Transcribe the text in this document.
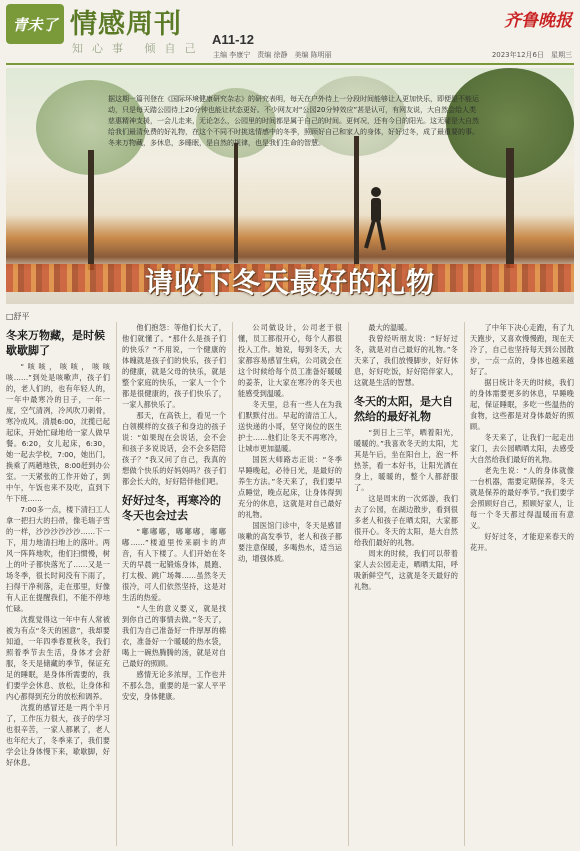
青未了 情感周刊
知心事 倾自己
A11-12
主编 李康宁　责编 徐静　美编 陈明丽
齐鲁晚报
2023年12月6日　星期三
据这期一篇刊登在《国际环境健康研究杂志》的研究表明，每天在户外待上一分段时间能够让人更加快乐，即便是不能运动，只是每天踏公园待上20分钟也能让状态更好。不少网友对“公园20分钟效应”甚是认可，有网友说，大自然会给人类慈惠精神支援，一会儿走来，无论怎么，公园里的时间都是属于自己的时间。更何况，还有今日的阳光。这无疑是大自然给我们最清免费的好礼物，在这个不同不时挑选情感中的冬季，照顾好自己和家人的身体，好好过冬，成了最重要的事。冬来万物藏，多休息，多睡眠，是自然的规律，也是我们生命的智慧。
请收下冬天最好的礼物
□舒平
冬来万物藏，是时候歇歇脚了
“咳咳，咳咳，咳咳咳……”到处是咳嗽声，孩子们的，老人们的，也有年轻人的，一年中最寒冷的日子，一年一度，空气清冽，冷风吹刀刺骨，寒冷成风。清晨6:00，沈揽已起起床，开始忙碌地给一家人做早餐。6:20，女儿起床，6:30，她一起去学校，7:00，她出门，换乘了两趟地铁，8:00赶到办公室。一天紧张的工作开始了，到中午，午饭也来不及吃，直到下午下班……
7:00多一点，楼下清扫工人拿一把扫大的扫帚，像毛瑞子雪的一样，沙沙沙沙沙沙……下一下，用力地清扫地上的落叶。两风一阵阵地吹，他们扫惯慢，树上的叶子都快落光了……又是一场冬季，很长时间没有下雨了，扫得干净利落，走在那里，好像有人正在提醒我们，不能不停地忙碌。
沈揽觉得这一年中有人常被被为有点“冬天的困意”，我却要知道，一年四季春夏秋冬，我们照着季节去生活，身体才会舒服，冬天是储藏的季节，保证充足的睡眠，是身体所需要的，我们要学会休息、放松，让身体和内心都得到充分的放松和调养。
沈揽的感冒还是一两个半月了，工作压力很大，孩子的学习也很辛苦，一家人都累了，老人也年纪大了，冬季来了，我们要学会让身体慢下来，歇歇脚，好好休息。
他们抱怨：等他们长大了，他们就懂了。“那什么是孩子们的快乐？”不用说，一个健康的体魄就是孩子们的快乐，孩子们的健康，就是父母的快乐，就是整个家庭的快乐，一家人一个个都是很健康的，孩子们快乐了，一家人都快乐了。
那天，在高铁上，看见一个白领模样的女孩子和身边的孩子说：“如果现在会说话，会不会和孩子多说说话，会不会多陪陪孩子？”我又问了自己，我真的想做个快乐的好妈妈吗？孩子们都会长大的，好好陪伴他们吧。
好好过冬，再寒冷的冬天也会过去
“嘟嘟嘟，嘟嘟嘟，嘟嘟嘟……”楼道里传来刷卡的声音，有人下楼了。人们开始在冬天的早晨一起锻炼身体，晨跑、打太极、跳广场舞……虽然冬天很冷，可人们依然坚持，这是对生活的热爱。
“人生的意义要义，就是找到你自己的事情去做。”冬天了，我们为自己准备好一件厚厚的棉衣，准备好一个暖暖的热水袋，喝上一碗热腾腾的汤，就是对自己最好的照顾。
感情无论多浓厚，工作也并不那么急，重要的是一家人平平安安，身体健康。
公司做设计，公司老于很懂，员工都很开心，每个人都很投入工作。她说，每到冬天，大家都容易感冒生病，公司就会在这个时候给每个员工准备好暖暖的姜茶，让大家在寒冷的冬天也能感受到温暖。
冬天里，总有一些人在为我们默默付出。早起的清洁工人，送快递的小哥，坚守岗位的医生护士……他们让冬天不再寒冷，让城市更加温暖。
国医大师路志正说：“冬季早睡晚起，必待日光，是最好的养生方法。”冬天来了，我们要早点睡觉，晚点起床，让身体得到充分的休息，这就是对自己最好的礼物。
国医馆门诊中，冬天是感冒咳嗽的高发季节，老人和孩子都要注意保暖，多喝热水，适当运动，增强体质。
最大的温暖。
我曾经听朋友说：“好好过冬，就是对自己最好的礼物。”冬天来了，我们放慢脚步，好好休息，好好吃饭，好好陪伴家人，这就是生活的智慧。
冬天的太阳，是大自然给的最好礼物
“到日上三竿，晒着阳光，暖暖的。”我喜欢冬天的太阳，尤其是午后，坐在阳台上，泡一杯热茶，看一本好书，让阳光洒在身上，暖暖的，整个人都舒服了。
这是周末的一次郊游，我们去了公园，在湖边散步，看到很多老人和孩子在晒太阳，大家都很开心。冬天的太阳，是大自然给我们最好的礼物。
周末的时候，我们可以带着家人去公园走走，晒晒太阳，呼吸新鲜空气，这就是冬天最好的礼物。
了中年下决心走跑，有了九天跑步，又喜欢慢慢跑，现在天冷了，自己也坚持每天到公园散步，一点一点的，身体也越来越好了。
据日统计冬天的时候，我们的身体需要更多的休息，早睡晚起，保证睡眠，多吃一些温热的食物，这些都是对身体最好的照顾。
冬天来了，让我们一起走出家门，去公园晒晒太阳，去感受大自然给我们最好的礼物。
老先生说：“人的身体就像一台机器，需要定期保养，冬天就是保养的最好季节。”我们要学会照顾好自己，照顾好家人，让每一个冬天都过得温暖而有意义。
好好过冬，才能迎来春天的花开。
